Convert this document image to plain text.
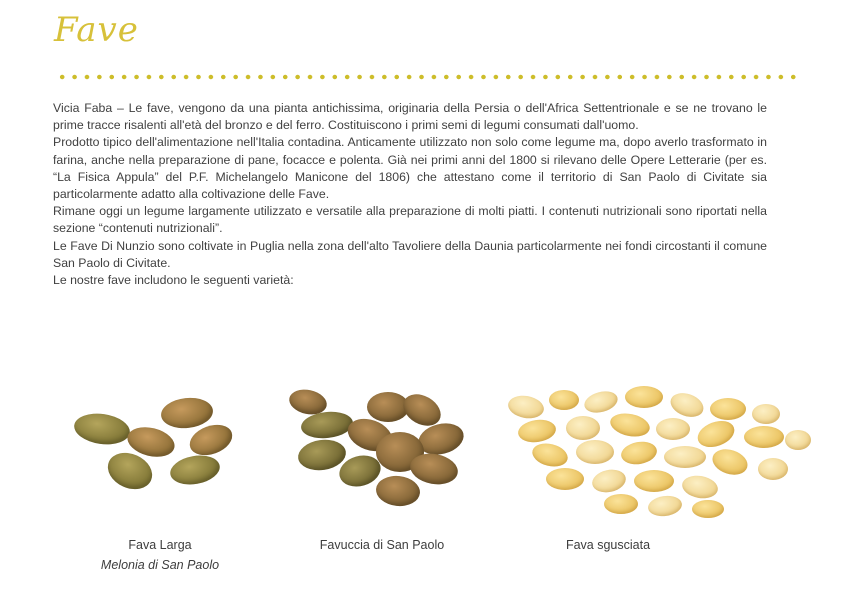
Fave

Vicia Faba – Le fave, vengono da una pianta antichissima, originaria della Persia o dell'Africa Settentrionale e se ne trovano le prime tracce risalenti all'età del bronzo e del ferro. Costituiscono i primi semi di legumi consumati dall'uomo.

Prodotto tipico dell'alimentazione nell'Italia contadina. Anticamente utilizzato non solo come legume ma, dopo averlo trasformato in farina, anche nella preparazione di pane, focacce e polenta. Già nei primi anni del 1800 si rilevano delle Opere Letterarie (per es. “La Fisica Appula” del P.F. Michelangelo Manicone del 1806) che attestano come il territorio di San Paolo di Civitate sia particolarmente adatto alla coltivazione delle Fave.

Rimane oggi un legume largamente utilizzato e versatile alla preparazione di molti piatti. I contenuti nutrizionali sono riportati nella sezione “contenuti nutrizionali”.

Le Fave Di Nunzio sono coltivate in Puglia nella zona dell'alto Tavoliere della Daunia particolarmente nei fondi circostanti il comune San Paolo di Civitate.

Le nostre fave includono le seguenti varietà:

Fava Larga
Melonia di San Paolo
Favuccia di San Paolo	Fava sgusciata
